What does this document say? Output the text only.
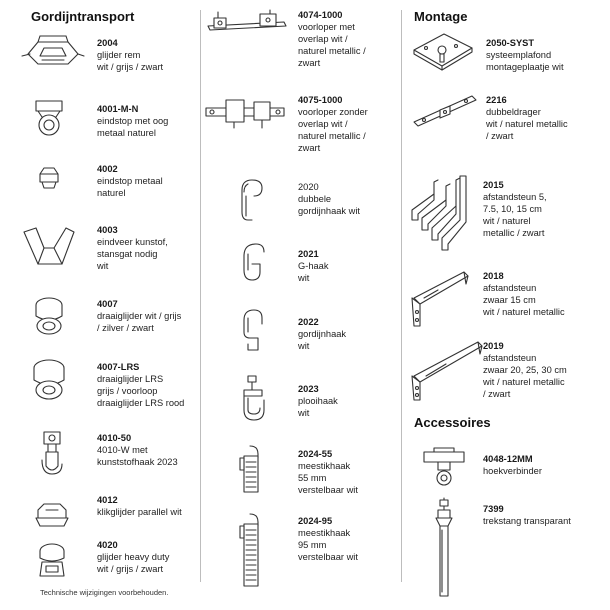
Gordijntransport
2004
glijder rem
wit / grijs / zwart
4001-M-N
eindstop met oog
metaal naturel
4002
eindstop metaal
naturel
4003
eindveer kunstof,
stansgat nodig
wit
4007
draaiglijder wit / grijs
/ zilver / zwart
4007-LRS
draaiglijder LRS
grijs / voorloop
draaiglijder LRS rood
4010-50
4010-W met
kunststofhaak 2023
4012
klikglijder parallel wit
4020
glijder heavy duty
wit / grijs / zwart
4074-1000
voorloper met
overlap wit /
naturel metallic /
zwart
4075-1000
voorloper zonder
overlap wit /
naturel metallic /
zwart
2020
dubbele
gordijnhaak wit
2021
G-haak
wit
2022
gordijnhaak
wit
2023
plooihaak
wit
2024-55
meestikhaak
55 mm
verstelbaar wit
2024-95
meestikhaak
95 mm
verstelbaar wit
Montage
2050-SYST
systeemplafond
montageplaatje wit
2216
dubbeldrager
wit / naturel metallic
/ zwart
2015
afstandsteun 5,
7.5, 10, 15 cm
wit / naturel
metallic / zwart
2018
afstandsteun
zwaar 15 cm
wit / naturel metallic
2019
afstandsteun
zwaar 20, 25, 30 cm
wit / naturel metallic
/ zwart
Accessoires
4048-12MM
hoekverbinder
7399
trekstang transparant
Technische wijzigingen voorbehouden.
